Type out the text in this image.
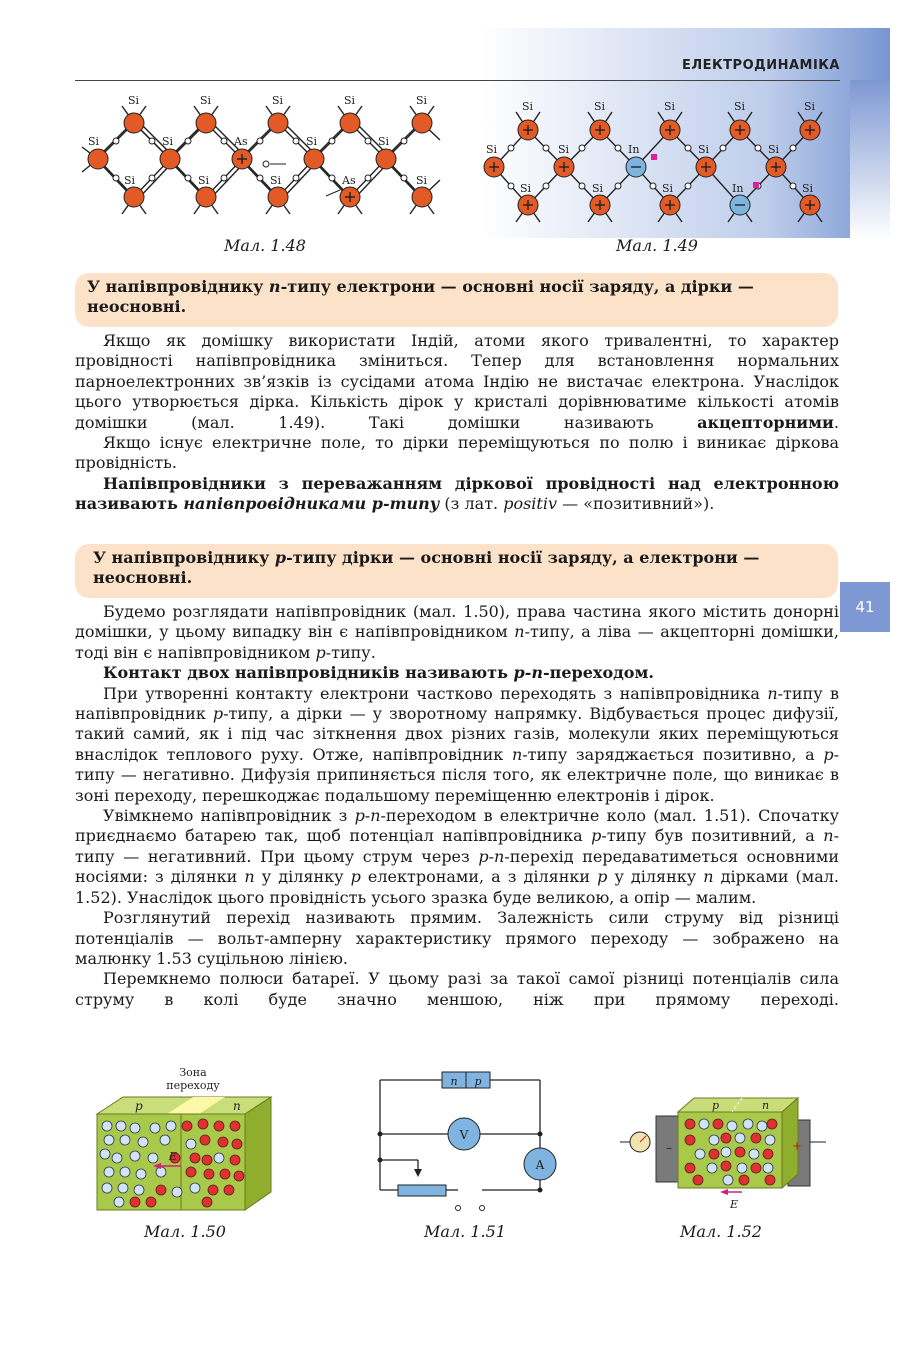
ЕЛЕКТРОДИНАМІКА
41
Si	Si	Si	Si	Si
Si	Si	As	Si	Si
Si	Si	Si	As	Si
Мал. 1.48
Si	Si	Si	Si	Si
Si	Si	In	Si	Si
Si	Si	Si	In	Si
Мал. 1.49
У напівпровіднику n-типу електрони — основні носії заряду, а дірки — неосновні.

Якщо як домішку використати Індій, атоми якого тривалентні, то характер провідності напівпровідника зміниться. Тепер для встановлення нормальних парноелектронних зв’язків із сусідами атома Індію не вистачає електрона. Унаслідок цього утворюється дірка. Кількість дірок у кристалі дорівнюватиме кількості атомів домішки (мал. 1.49). Такі домішки називають акцепторними.

Якщо існує електричне поле, то дірки переміщуються по полю і виникає діркова провідність.

Напівпровідники з переважанням діркової провідності над електронною називають напівпровідниками p-типу (з лат. positiv — «позитивний»).

У напівпровіднику p-типу дірки — основні носії заряду, а електрони — неосновні.

Будемо розглядати напівпровідник (мал. 1.50), права частина якого містить донорні домішки, у цьому випадку він є напівпровідником n-типу, а ліва — акцепторні домішки, тоді він є напівпровідником p-типу.

Контакт двох напівпровідників називають p-n-переходом.

При утворенні контакту електрони частково переходять з напівпровідника n-типу в напівпровідник p-типу, а дірки — у зворотному напрямку. Відбувається процес дифузії, такий самий, як і під час зіткнення двох різних газів, молекули яких переміщуються внаслідок теплового руху. Отже, напівпровідник n-типу заряджається позитивно, а p-типу — негативно. Дифузія припиняється після того, як електричне поле, що виникає в зоні переходу, перешкоджає подальшому переміщенню електронів і дірок.

Увімкнемо напівпровідник з p-n-переходом в електричне коло (мал. 1.51). Спочатку приєднаємо батарею так, щоб потенціал напівпровідника p-типу був позитивний, а n-типу — негативний. При цьому струм через p-n-перехід передаватиметься основними носіями: з ділянки n у ділянку p електронами, а з ділянки p у ділянку n дірками (мал. 1.52). Унаслідок цього провідність усього зразка буде великою, а опір — малим.

Розглянутий перехід називають прямим. Залежність сили струму від різниці потенціалів — вольт-амперну характеристику прямого переходу — зображено на малюнку 1.53 суцільною лінією.

Перемкнемо полюси батареї. У цьому разі за такої самої різниці потенціалів сила струму в колі буде значно меншою, ніж при прямому переході.

Зона
переходу
p	n
E
Мал. 1.50
n p
V
A
Мал. 1.51
p	n
–	+
E
Мал. 1.52
